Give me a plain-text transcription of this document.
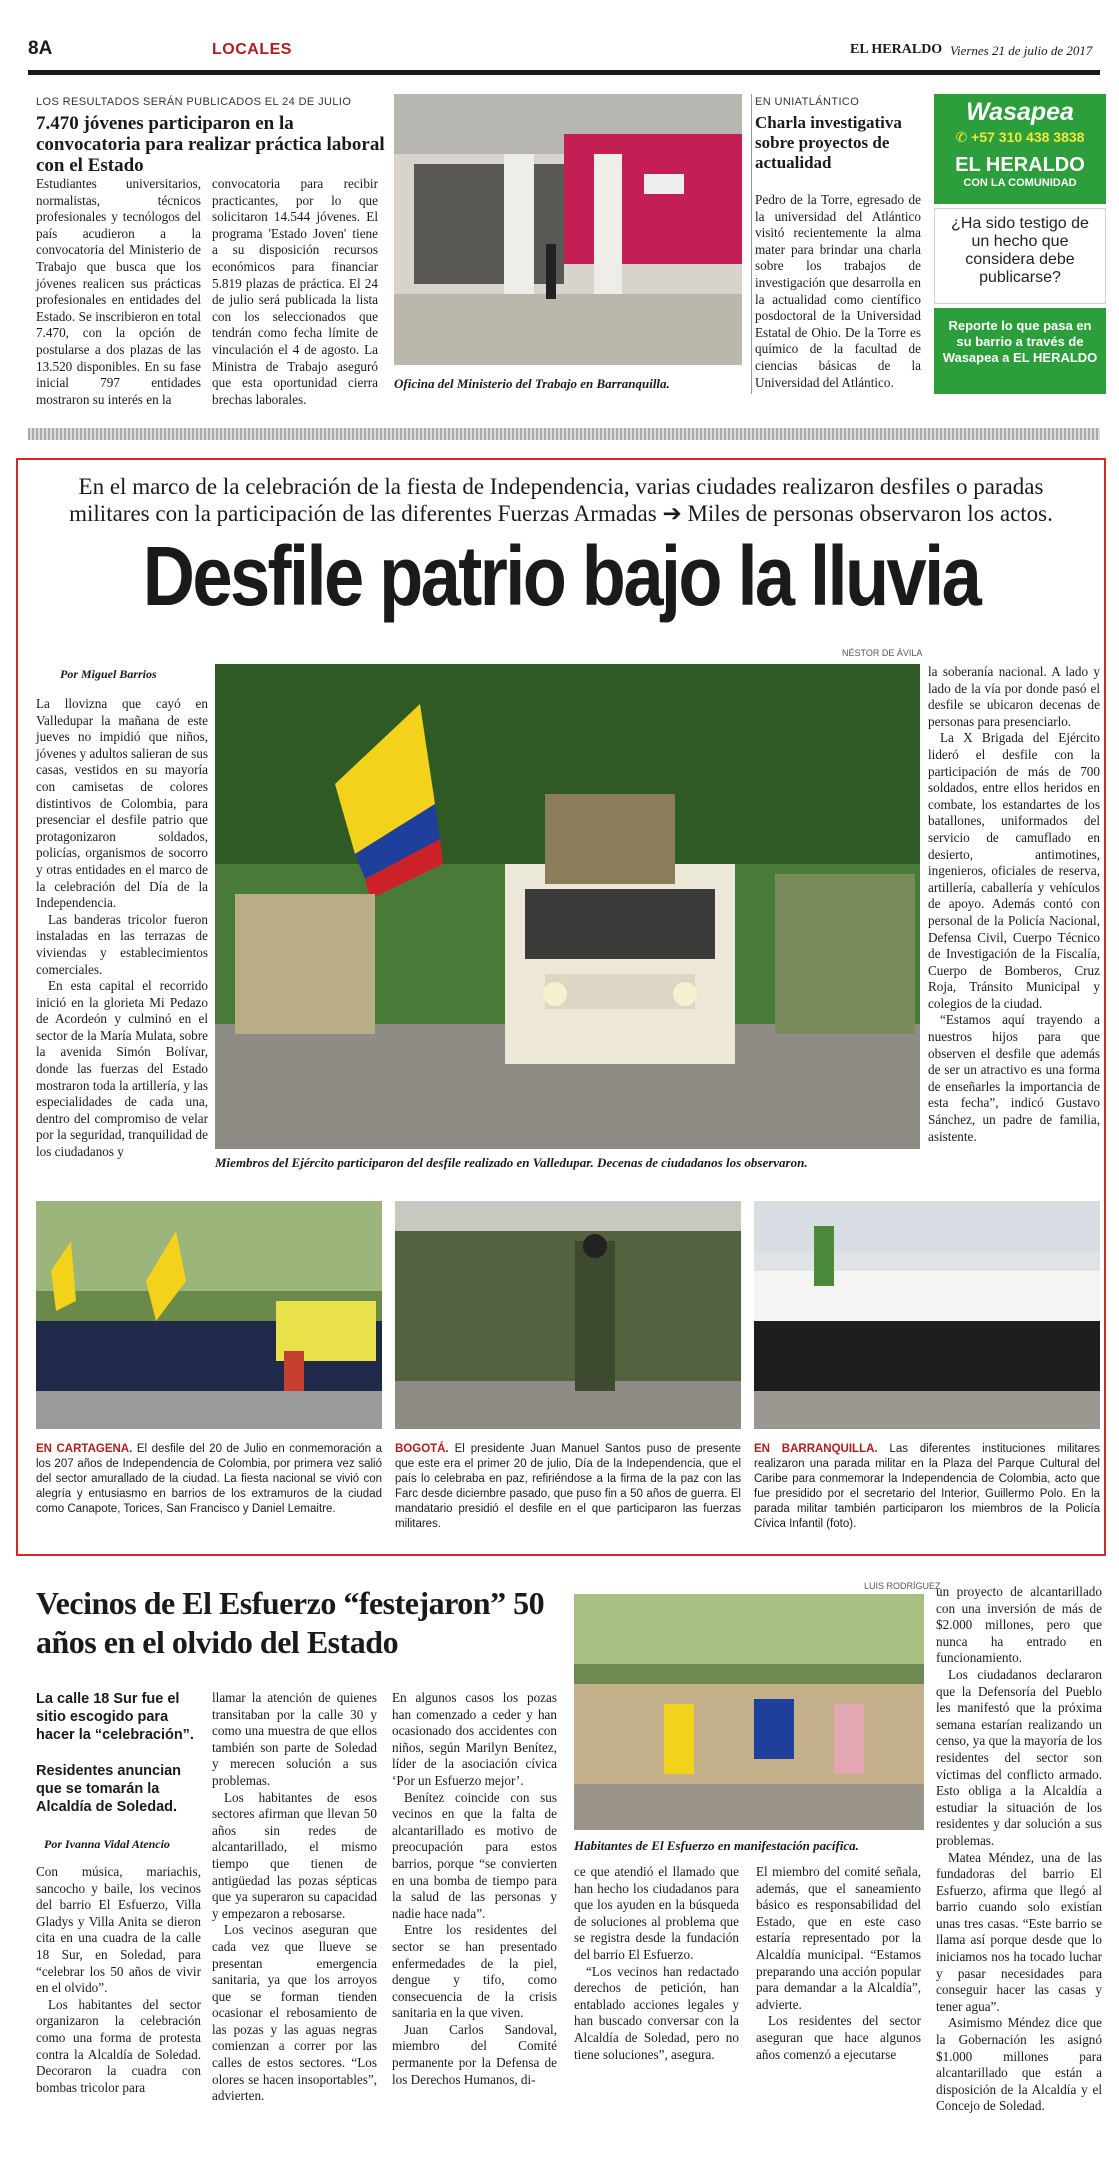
8A	LOCALES	EL HERALDO Viernes 21 de julio de 2017
LOS RESULTADOS SERÁN PUBLICADOS EL 24 DE JULIO
7.470 jóvenes participaron en la convocatoria para realizar práctica laboral con el Estado
Estudiantes universitarios, normalistas, técnicos profesionales y tecnólogos del país acudieron a la convocatoria del Ministerio de Trabajo que busca que los jóvenes realicen sus prácticas profesionales en entidades del Estado. Se inscribieron en total 7.470, con la opción de postularse a dos plazas de las 13.520 disponibles. En su fase inicial 797 entidades mostraron su interés en la
convocatoria para recibir practicantes, por lo que solicitaron 14.544 jóvenes. El programa 'Estado Joven' tiene a su disposición recursos económicos para financiar 5.819 plazas de práctica. El 24 de julio será publicada la lista con los seleccionados que tendrán como fecha límite de vinculación el 4 de agosto. La Ministra de Trabajo aseguró que esta oportunidad cierra brechas laborales.
Oficina del Ministerio del Trabajo en Barranquilla.
EN UNIATLÁNTICO
Charla investigativa sobre proyectos de actualidad
Pedro de la Torre, egresado de la universidad del Atlántico visitó recientemente la alma mater para brindar una charla sobre los trabajos de investigación que desarrolla en la actualidad como científico posdoctoral de la Universidad Estatal de Ohio. De la Torre es químico de la facultad de ciencias básicas de la Universidad del Atlántico.
Wasapea
✆ +57 310 438 3838
EL HERALDO
CON LA COMUNIDAD
¿Ha sido testigo de un hecho que considera debe publicarse?
Reporte lo que pasa en su barrio a través de Wasapea a EL HERALDO
En el marco de la celebración de la fiesta de Independencia, varias ciudades realizaron desfiles o paradas militares con la participación de las diferentes Fuerzas Armadas ➔ Miles de personas observaron los actos.
Desfile patrio bajo la lluvia
NÉSTOR DE ÁVILA
Por Miguel Barrios

La llovizna que cayó en Valledupar la mañana de este jueves no impidió que niños, jóvenes y adultos salieran de sus casas, vestidos en su mayoría con camisetas de colores distintivos de Colombia, para presenciar el desfile patrio que protagonizaron soldados, policías, organismos de socorro y otras entidades en el marco de la celebración del Día de la Independencia.

Las banderas tricolor fueron instaladas en las terrazas de viviendas y establecimientos comerciales.

En esta capital el recorrido inició en la glorieta Mi Pedazo de Acordeón y culminó en el sector de la María Mulata, sobre la avenida Simón Bolívar, donde las fuerzas del Estado mostraron toda la artillería, y las especialidades de cada una, dentro del compromiso de velar por la seguridad, tranquilidad de los ciudadanos y

Miembros del Ejército participaron del desfile realizado en Valledupar. Decenas de ciudadanos los observaron.

la soberanía nacional. A lado y lado de la vía por donde pasó el desfile se ubicaron decenas de personas para presenciarlo.

La X Brigada del Ejército lideró el desfile con la participación de más de 700 soldados, entre ellos heridos en combate, los estandartes de los batallones, uniformados del servicio de camuflado en desierto, antimotines, ingenieros, oficiales de reserva, artillería, caballería y vehículos de apoyo. Además contó con personal de la Policía Nacional, Defensa Civil, Cuerpo Técnico de Investigación de la Fiscalía, Cuerpo de Bomberos, Cruz Roja, Tránsito Municipal y colegios de la ciudad.

“Estamos aquí trayendo a nuestros hijos para que observen el desfile que además de ser un atractivo es una forma de enseñarles la importancia de esta fecha”, indicó Gustavo Sánchez, un padre de familia, asistente.

EN CARTAGENA. El desfile del 20 de Julio en conmemoración a los 207 años de Independencia de Colombia, por primera vez salió del sector amurallado de la ciudad. La fiesta nacional se vivió con alegría y entusiasmo en barrios de los extramuros de la ciudad como Canapote, Torices, San Francisco y Daniel Lemaitre.
BOGOTÁ. El presidente Juan Manuel Santos puso de presente que este era el primer 20 de julio, Día de la Independencia, que el país lo celebraba en paz, refiriéndose a la firma de la paz con las Farc desde diciembre pasado, que puso fin a 50 años de guerra. El mandatario presidió el desfile en el que participaron las fuerzas militares.
EN BARRANQUILLA. Las diferentes instituciones militares realizaron una parada militar en la Plaza del Parque Cultural del Caribe para conmemorar la Independencia de Colombia, acto que fue presidido por el secretario del Interior, Guillermo Polo. En la parada militar también participaron los miembros de la Policía Cívica Infantil (foto).
Vecinos de El Esfuerzo “festejaron” 50 años en el olvido del Estado
LUIS RODRÍGUEZ
La calle 18 Sur fue el sitio escogido para hacer la “celebración”.
Residentes anuncian que se tomarán la Alcaldía de Soledad.
Por Ivanna Vidal Atencio

Con música, mariachis, sancocho y baile, los vecinos del barrio El Esfuerzo, Villa Gladys y Villa Anita se dieron cita en una cuadra de la calle 18 Sur, en Soledad, para “celebrar los 50 años de vivir en el olvido”.

Los habitantes del sector organizaron la celebración como una forma de protesta contra la Alcaldía de Soledad. Decoraron la cuadra con bombas tricolor para

llamar la atención de quienes transitaban por la calle 30 y como una muestra de que ellos también son parte de Soledad y merecen solución a sus problemas.

Los habitantes de esos sectores afirman que llevan 50 años sin redes de alcantarillado, el mismo tiempo que tienen de antigüedad las pozas sépticas que ya superaron su capacidad y empezaron a rebosarse.

Los vecinos aseguran que cada vez que llueve se presentan emergencia sanitaria, ya que los arroyos que se forman tienden ocasionar el rebosamiento de las pozas y las aguas negras comienzan a correr por las calles de estos sectores. “Los olores se hacen insoportables”, advierten.

En algunos casos los pozas han comenzado a ceder y han ocasionado dos accidentes con niños, según Marilyn Benítez, líder de la asociación cívica ‘Por un Esfuerzo mejor’.

Benítez coincide con sus vecinos en que la falta de alcantarillado es motivo de preocupación para estos barrios, porque “se convierten en una bomba de tiempo para la salud de las personas y nadie hace nada”.

Entre los residentes del sector se han presentado enfermedades de la piel, dengue y tifo, como consecuencia de la crisis sanitaria en la que viven.

Juan Carlos Sandoval, miembro del Comité permanente por la Defensa de los Derechos Humanos, di-

Habitantes de El Esfuerzo en manifestación pacífica.

ce que atendió el llamado que han hecho los ciudadanos para que los ayuden en la búsqueda de soluciones al problema que se registra desde la fundación del barrio El Esfuerzo.

“Los vecinos han redactado derechos de petición, han entablado acciones legales y han buscado conversar con la Alcaldía de Soledad, pero no tiene soluciones”, asegura.

El miembro del comité señala, además, que el saneamiento básico es responsabilidad del Estado, que en este caso estaría representado por la Alcaldía municipal. “Estamos preparando una acción popular para demandar a la Alcaldía”, advierte.

Los residentes del sector aseguran que hace algunos años comenzó a ejecutarse

un proyecto de alcantarillado con una inversión de más de $2.000 millones, pero que nunca ha entrado en funcionamiento.

Los ciudadanos declararon que la Defensoría del Pueblo les manifestó que la próxima semana estarían realizando un censo, ya que la mayoría de los residentes del sector son víctimas del conflicto armado. Esto obliga a la Alcaldía a estudiar la situación de los residentes y dar solución a sus problemas.

Matea Méndez, una de las fundadoras del barrio El Esfuerzo, afirma que llegó al barrio cuando solo existían unas tres casas. “Este barrio se llama así porque desde que lo iniciamos nos ha tocado luchar y pasar necesidades para conseguir hacer las casas y tener agua”.

Asimismo Méndez dice que la Gobernación les asignó $1.000 millones para alcantarillado que están a disposición de la Alcaldía y el Concejo de Soledad.
